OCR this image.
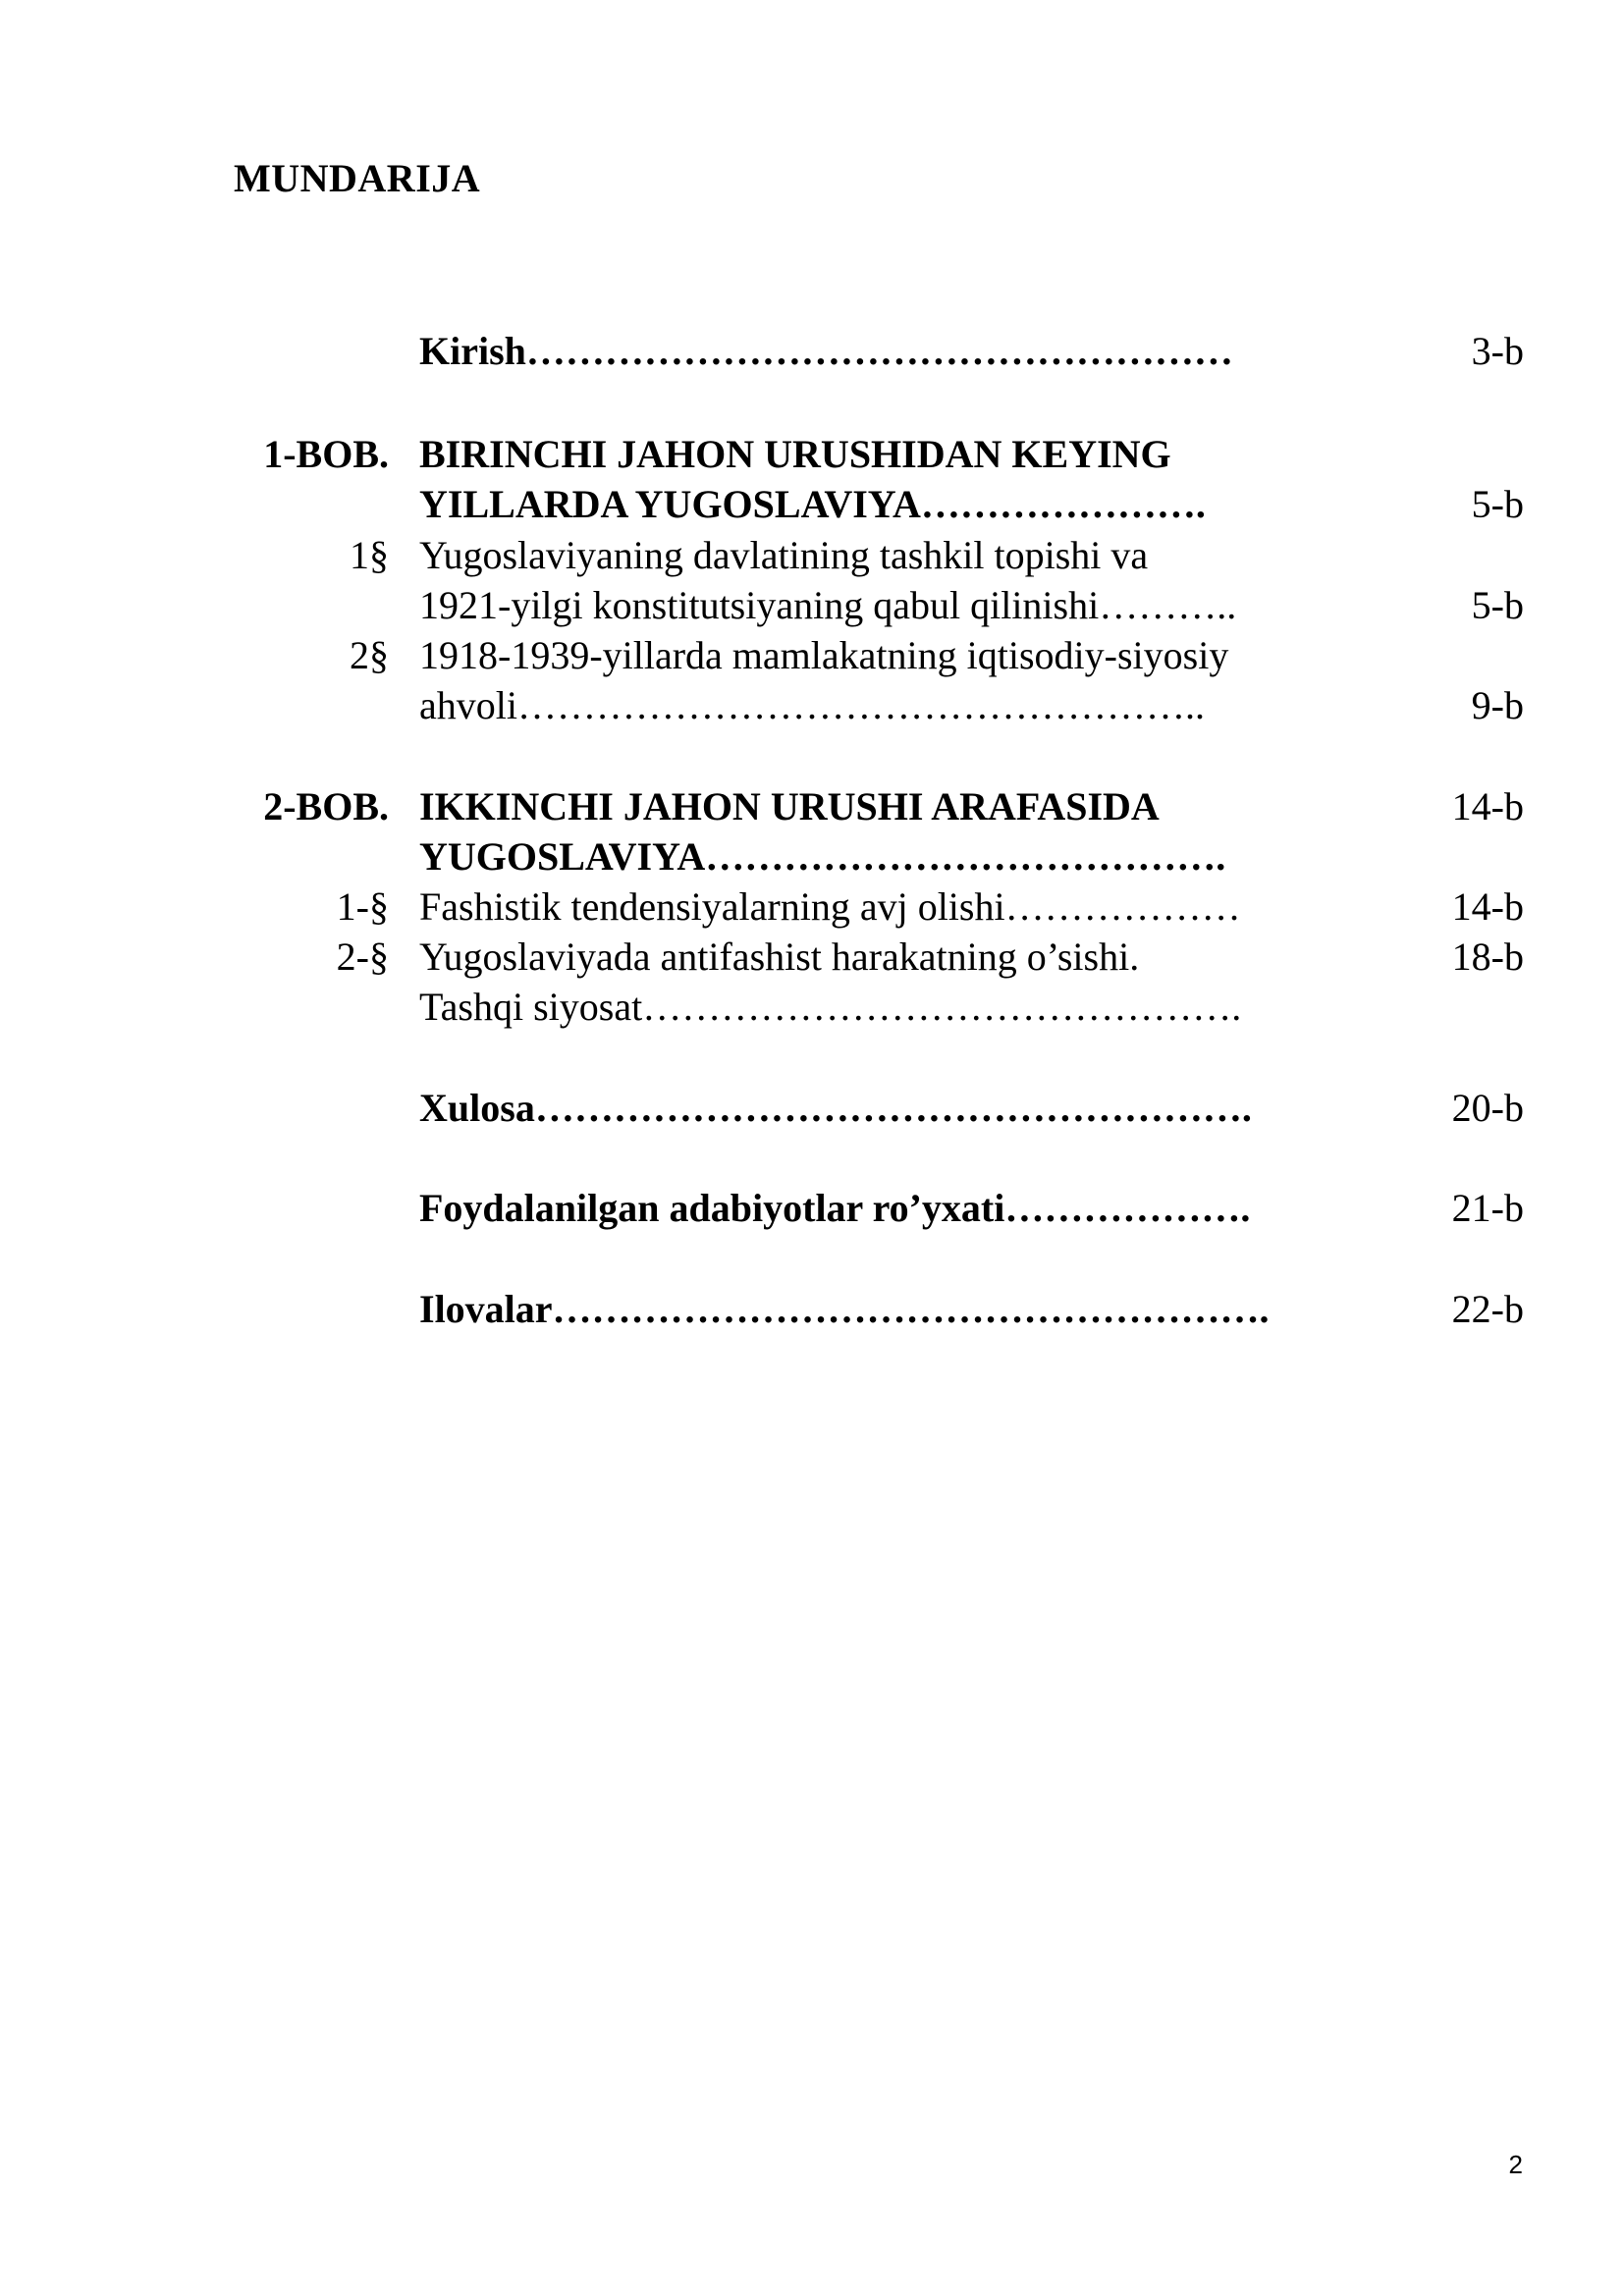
MUNDARIJA
Kirish………………………………………………	3-b
1-BOB. BIRINCHI JAHON URUSHIDAN KEYING
YILLARDA YUGOSLAVIYA………………….	5-b
1§ Yugoslaviyaning davlatining tashkil topishi va
1921-yilgi konstitutsiyaning qabul qilinishi………..	5-b
2§ 1918-1939-yillarda mamlakatning iqtisodiy-siyosiy
ahvoli……………………………………………..	9-b
2-BOB. IKKINCHI JAHON URUSHI ARAFASIDA	14-b
YUGOSLAVIYA………………………………….
1-§ Fashistik tendensiyalarning avj olishi………………	14-b
2-§ Yugoslaviyada antifashist harakatning o’sishi.	18-b
Tashqi siyosat……………………………………….
Xulosa……………………………………………….	20-b
Foydalanilgan adabiyotlar ro’yxati……………….	21-b
Ilovalar……………………………………………….	22-b
2
